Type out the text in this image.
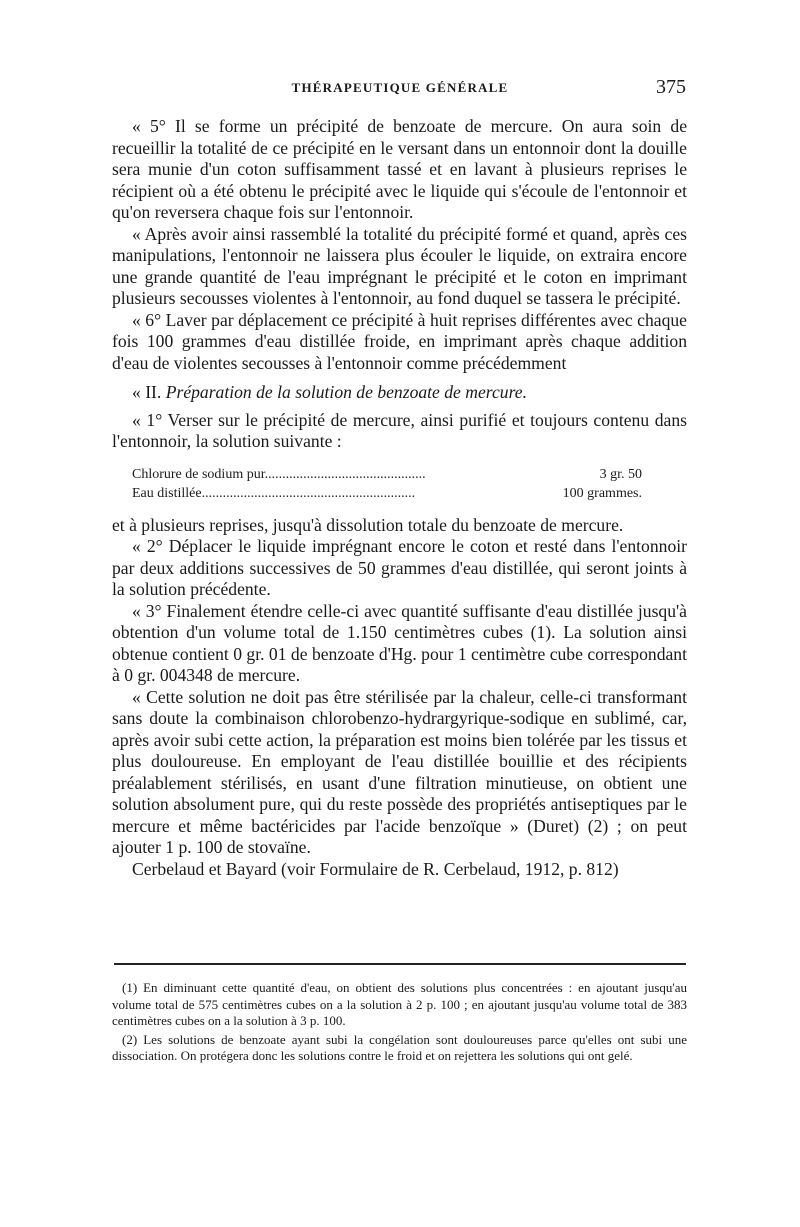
THÉRAPEUTIQUE GÉNÉRALE	375

« 5° Il se forme un précipité de benzoate de mercure. On aura soin de recueillir la totalité de ce précipité en le versant dans un entonnoir dont la douille sera munie d'un coton suffisamment tassé et en lavant à plusieurs reprises le récipient où a été obtenu le précipité avec le liquide qui s'écoule de l'entonnoir et qu'on reversera chaque fois sur l'entonnoir.

« Après avoir ainsi rassemblé la totalité du précipité formé et quand, après ces manipulations, l'entonnoir ne laissera plus écouler le liquide, on extraira encore une grande quantité de l'eau imprégnant le précipité et le coton en imprimant plusieurs secousses violentes à l'entonnoir, au fond duquel se tassera le précipité.

« 6° Laver par déplacement ce précipité à huit reprises différentes avec chaque fois 100 grammes d'eau distillée froide, en imprimant après chaque addition d'eau de violentes secousses à l'entonnoir comme précédemment

« II. Préparation de la solution de benzoate de mercure.

« 1° Verser sur le précipité de mercure, ainsi purifié et toujours contenu dans l'entonnoir, la solution suivante :

Chlorure de sodium pur..............................................	3 gr. 50
Eau distillée.............................................................	100 grammes.

et à plusieurs reprises, jusqu'à dissolution totale du benzoate de mercure.

« 2° Déplacer le liquide imprégnant encore le coton et resté dans l'entonnoir par deux additions successives de 50 grammes d'eau distillée, qui seront joints à la solution précédente.

« 3° Finalement étendre celle-ci avec quantité suffisante d'eau distillée jusqu'à obtention d'un volume total de 1.150 centimètres cubes (1). La solution ainsi obtenue contient 0 gr. 01 de benzoate d'Hg. pour 1 centimètre cube correspondant à 0 gr. 004348 de mercure.

« Cette solution ne doit pas être stérilisée par la chaleur, celle-ci transformant sans doute la combinaison chlorobenzo-hydrargyrique-sodique en sublimé, car, après avoir subi cette action, la préparation est moins bien tolérée par les tissus et plus douloureuse. En employant de l'eau distillée bouillie et des récipients préalablement stérilisés, en usant d'une filtration minutieuse, on obtient une solution absolument pure, qui du reste possède des propriétés antiseptiques par le mercure et même bactéricides par l'acide benzoïque » (Duret) (2) ; on peut ajouter 1 p. 100 de stovaïne.

Cerbelaud et Bayard (voir Formulaire de R. Cerbelaud, 1912, p. 812)

(1) En diminuant cette quantité d'eau, on obtient des solutions plus concentrées : en ajoutant jusqu'au volume total de 575 centimètres cubes on a la solution à 2 p. 100 ; en ajoutant jusqu'au volume total de 383 centimètres cubes on a la solution à 3 p. 100.

(2) Les solutions de benzoate ayant subi la congélation sont douloureuses parce qu'elles ont subi une dissociation. On protégera donc les solutions contre le froid et on rejettera les solutions qui ont gelé.
